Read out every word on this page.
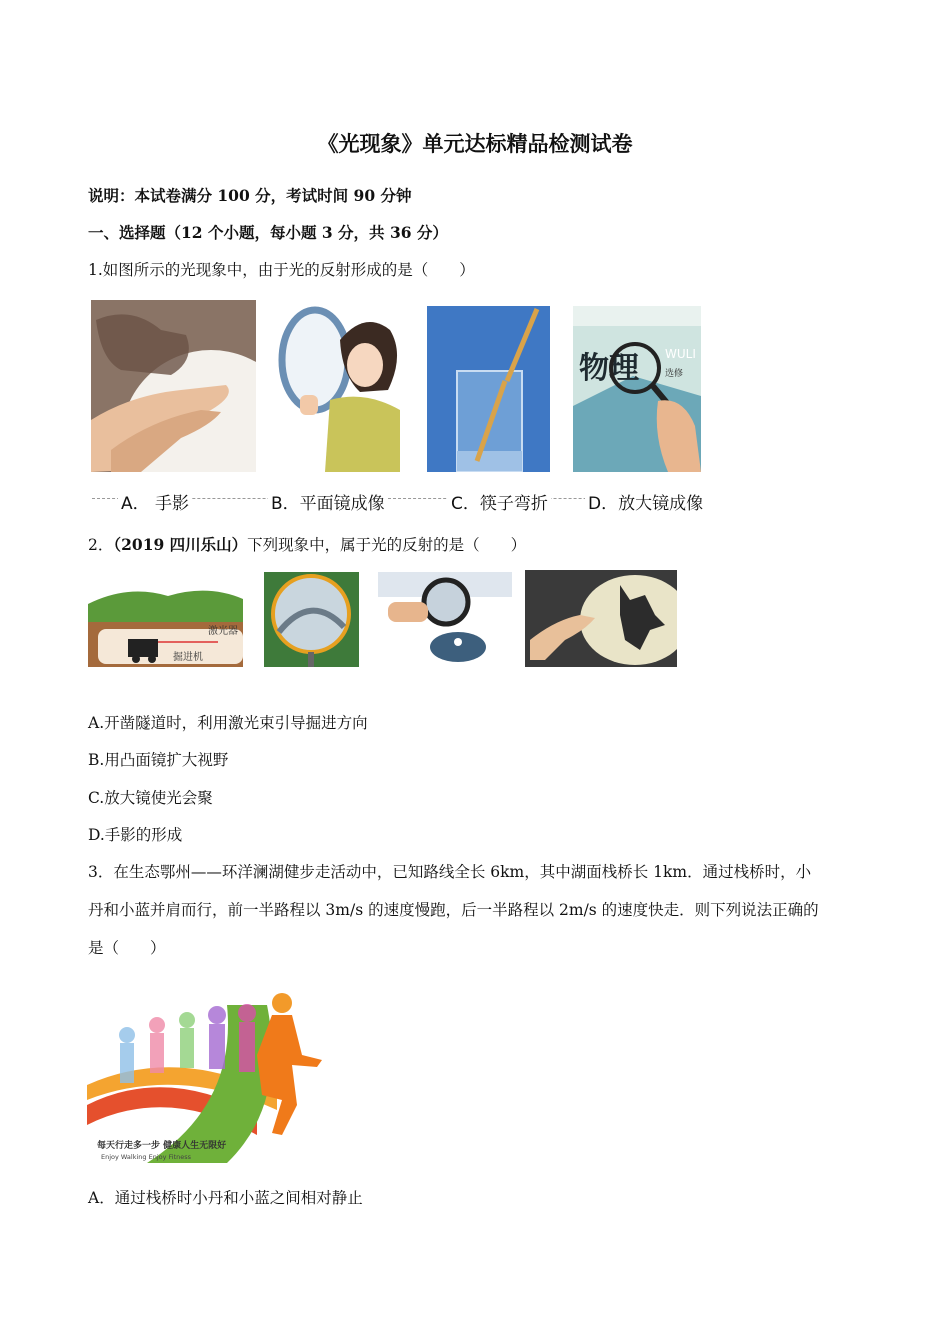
《光现象》单元达标精品检测试卷
说明：本试卷满分 100 分，考试时间 90 分钟
一、选择题（12 个小题，每小题 3 分，共 36 分）
1.如图所示的光现象中，由于光的反射形成的是（　　）
物理 WULI
选修
A． 手影	B．平面镜成像	C．筷子弯折 D．放大镜成像
2．（2019 四川乐山）下列现象中，属于光的反射的是（　　）
激光器
掘进机
A.开凿隧道时，利用激光束引导掘进方向
B.用凸面镜扩大视野
C.放大镜使光会聚
D.手影的形成
3．在生态鄂州——环洋澜湖健步走活动中，已知路线全长 6km，其中湖面栈桥长 1km．通过栈桥时，小
丹和小蓝并肩而行，前一半路程以 3m/s 的速度慢跑，后一半路程以 2m/s 的速度快走．则下列说法正确的
是（　　）
每天行走多一步 健康人生无限好
Enjoy Walking Enjoy Fitness
A．通过栈桥时小丹和小蓝之间相对静止
